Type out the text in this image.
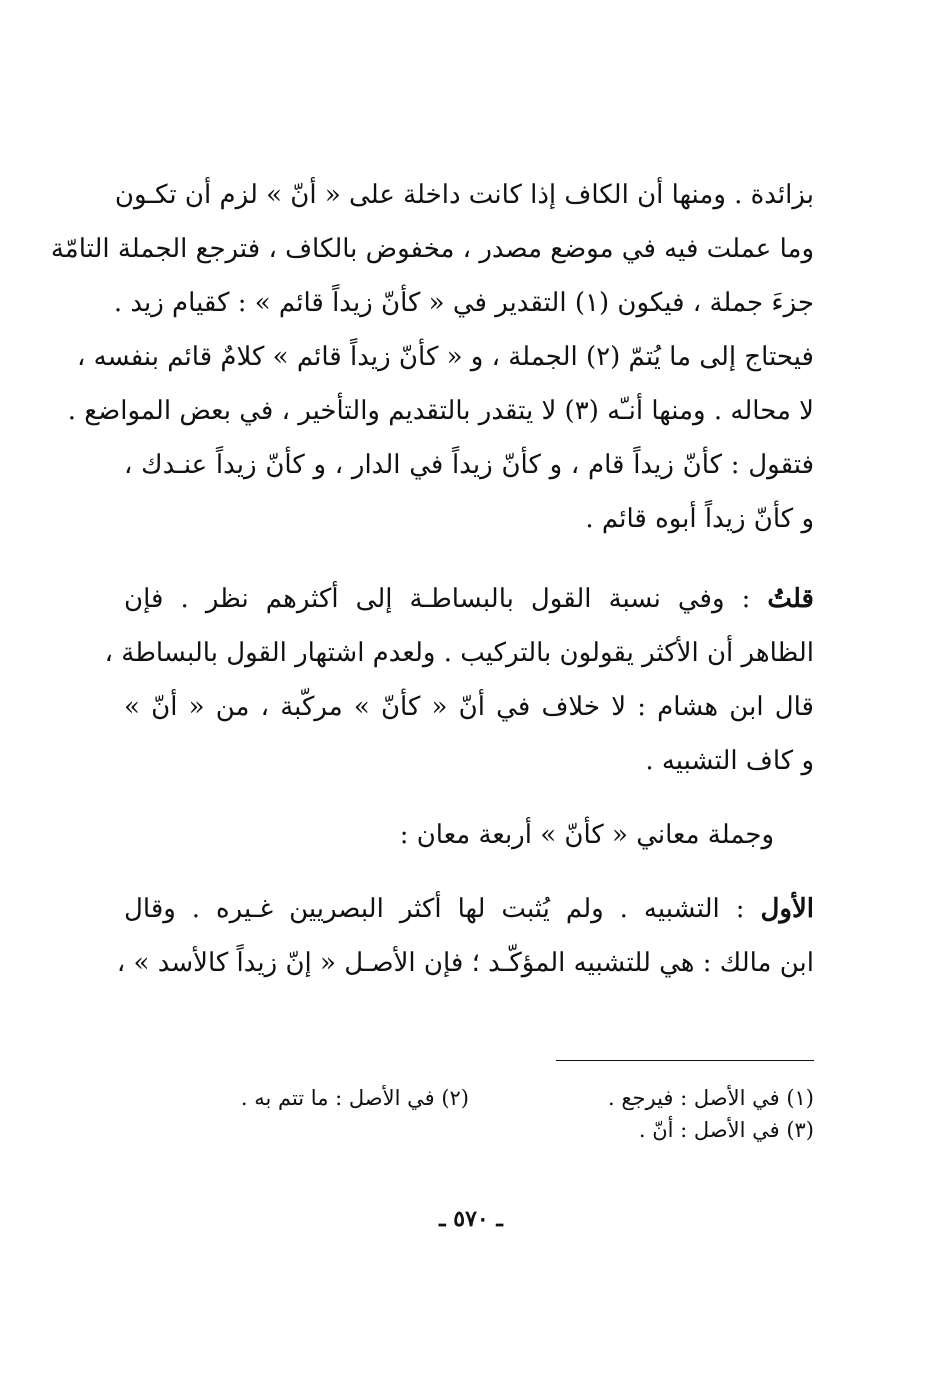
بزائدة . ومنها أن الكاف إذا كانت داخلة على « أنّ » لزم أن تكـون
وما عملت فيه في موضع مصدر ، مخفوض بالكاف ، فترجع الجملة التامّة
جزءَ جملة ، فيكون (١) التقدير في « كأنّ زيداً قائم » : كقيام زيد .
فيحتاج إلى ما يُتمّ (٢) الجملة ، و « كأنّ زيداً قائم » كلامٌ قائم بنفسه ،
لا محاله . ومنها أنـّه (٣) لا يتقدر بالتقديم والتأخير ، في بعض المواضع .
فتقول : كأنّ زيداً قام ، و كأنّ زيداً في الدار ، و كأنّ زيداً عنـدك ،
و كأنّ زيداً أبوه قائم .
قلتُ : وفي نسبة القول بالبساطـة إلى أكثرهم نظر . فإن
الظاهر أن الأكثر يقولون بالتركيب . ولعدم اشتهار القول بالبساطة ،
قال ابن هشام : لا خلاف في أنّ « كأنّ » مركّبة ، من « أنّ »
و كاف التشبيه .
وجملة معاني « كأنّ » أربعة معان :
الأول : التشبيه . ولم يُثبت لها أكثر البصريين غـيره . وقال
ابن مالك : هي للتشبيه المؤكّـد ؛ فإن الأصـل « إنّ زيداً كالأسد » ،
(١) في الأصل : فيرجع .
(٢) في الأصل : ما تتم به .
(٣) في الأصل : أنّ .
ـ ٥٧٠ ـ
